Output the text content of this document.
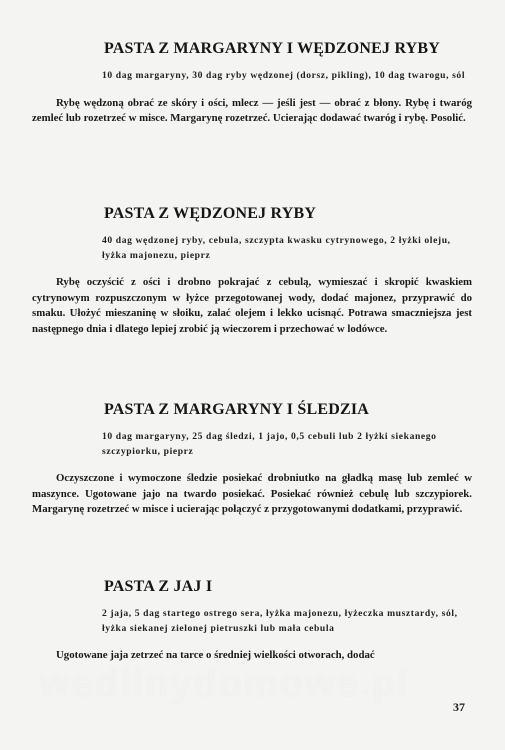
PASTA Z MARGARYNY I WĘDZONEJ RYBY

10 dag margaryny, 30 dag ryby wędzonej (dorsz, pikling), 10 dag twarogu, sól

Rybę wędzoną obrać ze skóry i ości, mlecz — jeśli jest — obrać z błony. Rybę i twaróg zemleć lub rozetrzeć w misce. Margarynę rozetrzeć. Ucierając dodawać twaróg i rybę. Posolić.

PASTA Z WĘDZONEJ RYBY

40 dag wędzonej ryby, cebula, szczypta kwasku cytrynowego, 2 łyżki oleju, łyżka majonezu, pieprz

Rybę oczyścić z ości i drobno pokrajać z cebulą, wymieszać i skropić kwaskiem cytrynowym rozpuszczonym w łyżce przegotowanej wody, dodać majonez, przyprawić do smaku. Ułożyć mieszaninę w słoiku, zalać olejem i lekko ucisnąć. Potrawa smaczniejsza jest następnego dnia i dlatego lepiej zrobić ją wieczorem i przechować w lodówce.

PASTA Z MARGARYNY I ŚLEDZIA

10 dag margaryny, 25 dag śledzi, 1 jajo, 0,5 cebuli lub 2 łyżki siekanego szczypiorku, pieprz

Oczyszczone i wymoczone śledzie posiekać drobniutko na gładką masę lub zemleć w maszynce. Ugotowane jajo na twardo posiekać. Posiekać również cebulę lub szczypiorek. Margarynę rozetrzeć w misce i ucierając połączyć z przygotowanymi dodatkami, przyprawić.

PASTA Z JAJ I

2 jaja, 5 dag startego ostrego sera, łyżka majonezu, łyżeczka musztardy, sól, łyżka siekanej zielonej pietruszki lub mała cebula

Ugotowane jaja zetrzeć na tarce o średniej wielkości otworach, dodać

wedlinydomowe.pl
37
